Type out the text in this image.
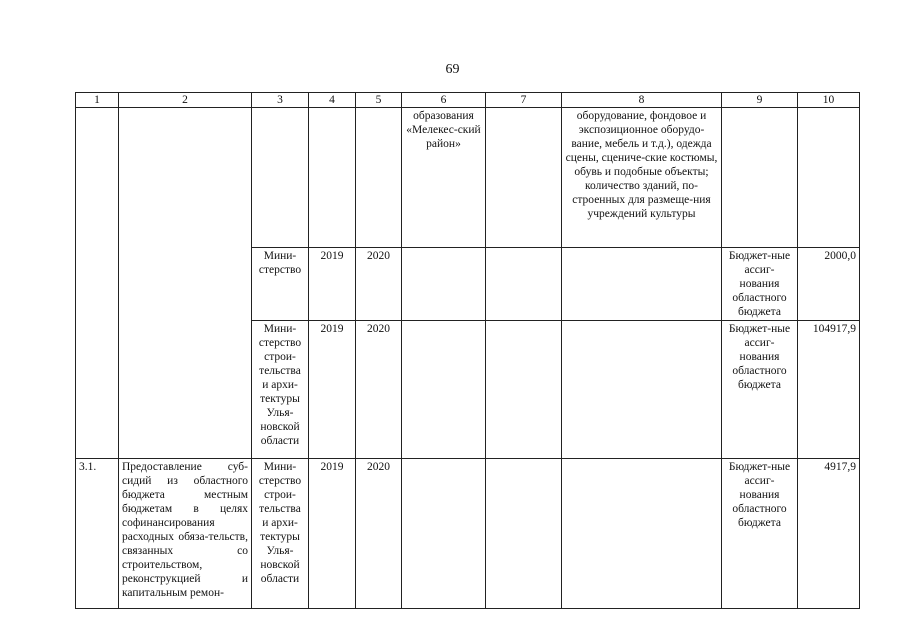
69
1	2	3	4	5	6	7	8	9	10
					образования «Мелекес-ский район»		оборудование, фондовое и экспозиционное оборудо-вание, мебель и т.д.), одежда сцены, сцениче-ские костюмы, обувь и подобные объекты; количество зданий, по-строенных для размеще-ния учреждений культуры		
		Мини-стерство	2019	2020				Бюджет-ные ассиг-нования областного бюджета	2000,0
		Мини-стерство строи-тельства и архи-тектуры Улья-новской области	2019	2020				Бюджет-ные ассиг-нования областного бюджета	104917,9
3.1.	Предоставление суб-сидий из областного бюджета местным бюджетам в целях софинансирования расходных обяза-тельств, связанных со строительством, реконструкцией и капитальным ремон-	Мини-стерство строи-тельства и архи-тектуры Улья-новской области	2019	2020				Бюджет-ные ассиг-нования областного бюджета	4917,9
